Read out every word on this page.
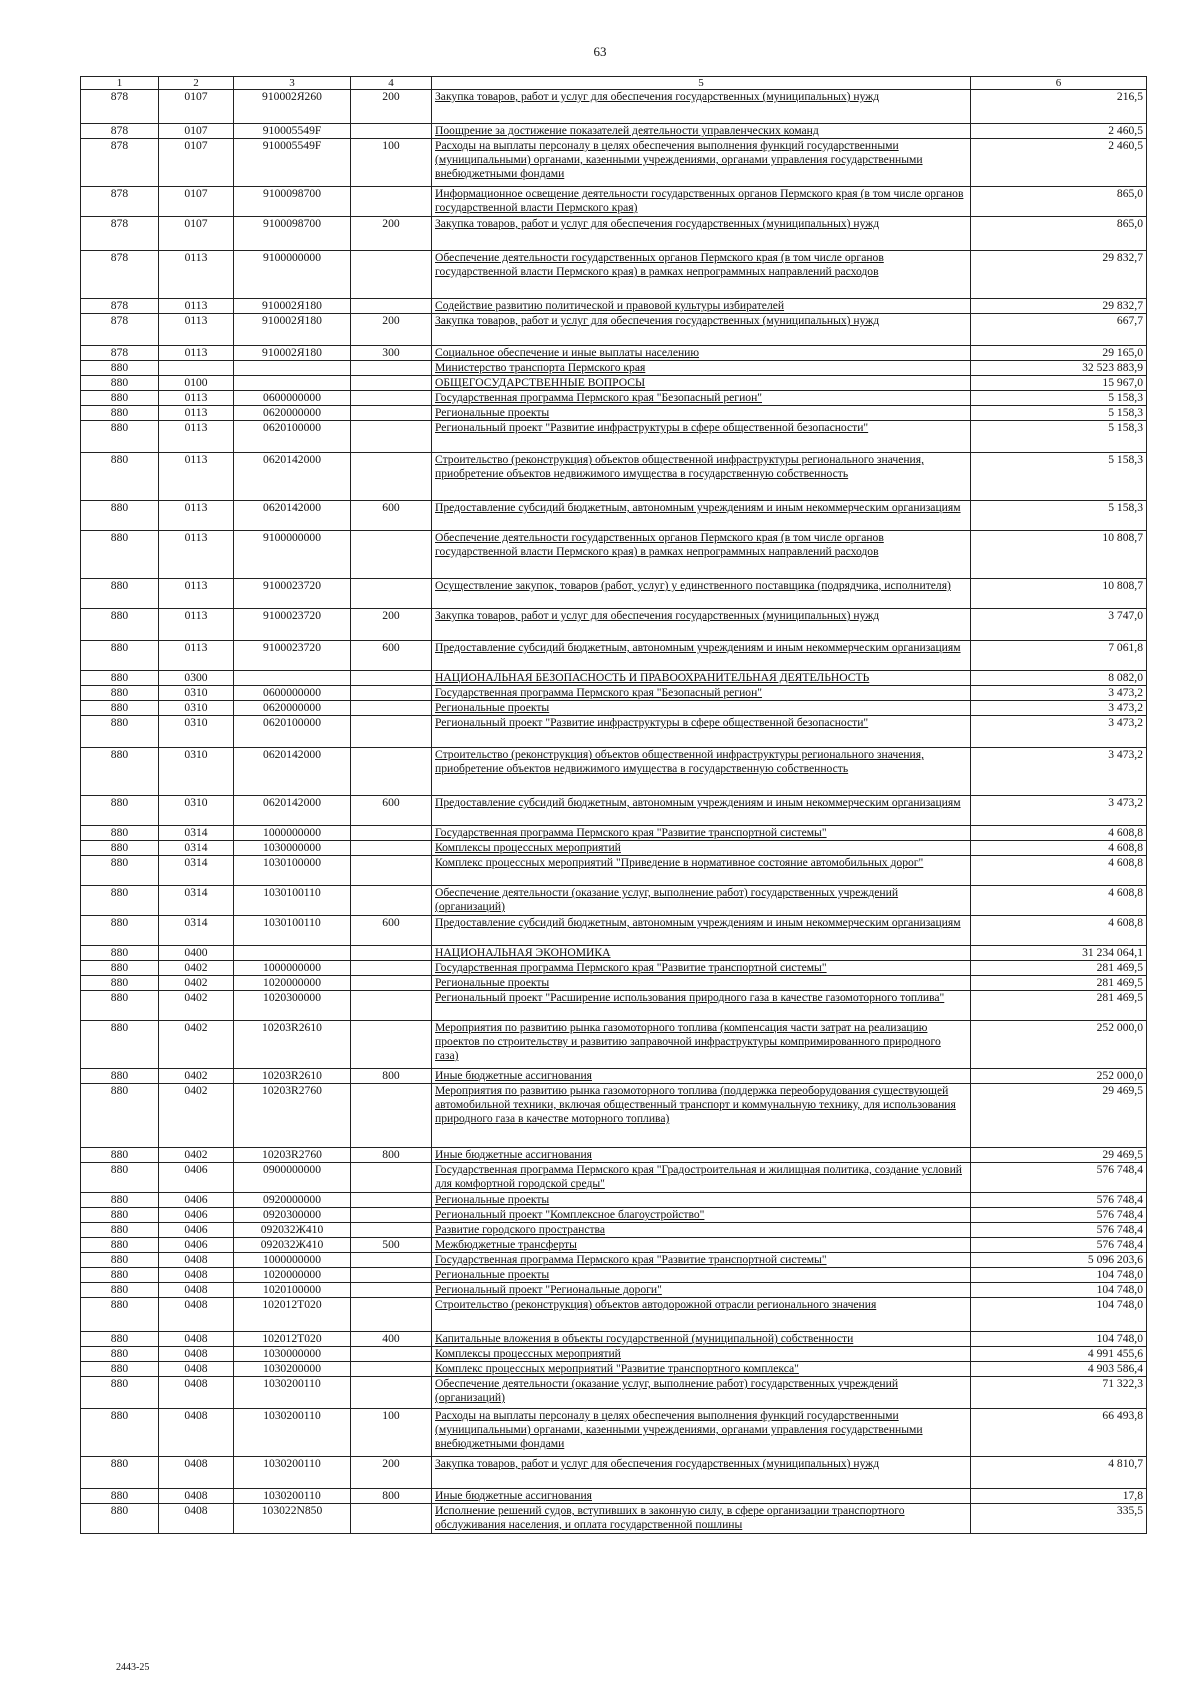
63
1	2	3	4	5	6
878	0107	910002Я260	200	Закупка товаров, работ и услуг для обеспечения государственных (муниципальных) нужд	216,5
878	0107	910005549F		Поощрение за достижение показателей деятельности управленческих команд	2 460,5
878	0107	910005549F	100	Расходы на выплаты персоналу в целях обеспечения выполнения функций государственными (муниципальными) органами, казенными учреждениями, органами управления государственными внебюджетными фондами	2 460,5
878	0107	9100098700		Информационное освещение деятельности государственных органов Пермского края (в том числе органов государственной власти Пермского края)	865,0
878	0107	9100098700	200	Закупка товаров, работ и услуг для обеспечения государственных (муниципальных) нужд	865,0
878	0113	9100000000		Обеспечение деятельности государственных органов Пермского края (в том числе органов государственной власти Пермского края) в рамках непрограммных направлений расходов	29 832,7
878	0113	910002Я180		Содействие развитию политической и правовой культуры избирателей	29 832,7
878	0113	910002Я180	200	Закупка товаров, работ и услуг для обеспечения государственных (муниципальных) нужд	667,7
878	0113	910002Я180	300	Социальное обеспечение и иные выплаты населению	29 165,0
880				Министерство транспорта Пермского края	32 523 883,9
880	0100			ОБЩЕГОСУДАРСТВЕННЫЕ ВОПРОСЫ	15 967,0
880	0113	0600000000		Государственная программа Пермского края "Безопасный регион"	5 158,3
880	0113	0620000000		Региональные проекты	5 158,3
880	0113	0620100000		Региональный проект "Развитие инфраструктуры в сфере общественной безопасности"	5 158,3
880	0113	0620142000		Строительство (реконструкция) объектов общественной инфраструктуры регионального значения, приобретение объектов недвижимого имущества в государственную собственность	5 158,3
880	0113	0620142000	600	Предоставление субсидий бюджетным, автономным учреждениям и иным некоммерческим организациям	5 158,3
880	0113	9100000000		Обеспечение деятельности государственных органов Пермского края (в том числе органов государственной власти Пермского края) в рамках непрограммных направлений расходов	10 808,7
880	0113	9100023720		Осуществление закупок, товаров (работ, услуг) у единственного поставщика (подрядчика, исполнителя)	10 808,7
880	0113	9100023720	200	Закупка товаров, работ и услуг для обеспечения государственных (муниципальных) нужд	3 747,0
880	0113	9100023720	600	Предоставление субсидий бюджетным, автономным учреждениям и иным некоммерческим организациям	7 061,8
880	0300			НАЦИОНАЛЬНАЯ БЕЗОПАСНОСТЬ И ПРАВООХРАНИТЕЛЬНАЯ ДЕЯТЕЛЬНОСТЬ	8 082,0
880	0310	0600000000		Государственная программа Пермского края "Безопасный регион"	3 473,2
880	0310	0620000000		Региональные проекты	3 473,2
880	0310	0620100000		Региональный проект "Развитие инфраструктуры в сфере общественной безопасности"	3 473,2
880	0310	0620142000		Строительство (реконструкция) объектов общественной инфраструктуры регионального значения, приобретение объектов недвижимого имущества в государственную собственность	3 473,2
880	0310	0620142000	600	Предоставление субсидий бюджетным, автономным учреждениям и иным некоммерческим организациям	3 473,2
880	0314	1000000000		Государственная программа Пермского края "Развитие транспортной системы"	4 608,8
880	0314	1030000000		Комплексы процессных мероприятий	4 608,8
880	0314	1030100000		Комплекс процессных мероприятий "Приведение в нормативное состояние автомобильных дорог"	4 608,8
880	0314	1030100110		Обеспечение деятельности (оказание услуг, выполнение работ) государственных учреждений (организаций)	4 608,8
880	0314	1030100110	600	Предоставление субсидий бюджетным, автономным учреждениям и иным некоммерческим организациям	4 608,8
880	0400			НАЦИОНАЛЬНАЯ ЭКОНОМИКА	31 234 064,1
880	0402	1000000000		Государственная программа Пермского края "Развитие транспортной системы"	281 469,5
880	0402	1020000000		Региональные проекты	281 469,5
880	0402	1020300000		Региональный проект "Расширение использования природного газа в качестве газомоторного топлива"	281 469,5
880	0402	10203R2610		Мероприятия по развитию рынка газомоторного топлива (компенсация части затрат на реализацию проектов по строительству и развитию заправочной инфраструктуры компримированного природного газа)	252 000,0
880	0402	10203R2610	800	Иные бюджетные ассигнования	252 000,0
880	0402	10203R2760		Мероприятия по развитию рынка газомоторного топлива (поддержка переоборудования существующей автомобильной техники, включая общественный транспорт и коммунальную технику, для использования природного газа в качестве моторного топлива)	29 469,5
880	0402	10203R2760	800	Иные бюджетные ассигнования	29 469,5
880	0406	0900000000		Государственная программа Пермского края "Градостроительная и жилищная политика, создание условий для комфортной городской среды"	576 748,4
880	0406	0920000000		Региональные проекты	576 748,4
880	0406	0920300000		Региональный проект "Комплексное благоустройство"	576 748,4
880	0406	092032Ж410		Развитие городского пространства	576 748,4
880	0406	092032Ж410	500	Межбюджетные трансферты	576 748,4
880	0408	1000000000		Государственная программа Пермского края "Развитие транспортной системы"	5 096 203,6
880	0408	1020000000		Региональные проекты	104 748,0
880	0408	1020100000		Региональный проект "Региональные дороги"	104 748,0
880	0408	102012T020		Строительство (реконструкция) объектов автодорожной отрасли регионального значения	104 748,0
880	0408	102012T020	400	Капитальные вложения в объекты государственной (муниципальной) собственности	104 748,0
880	0408	1030000000		Комплексы процессных мероприятий	4 991 455,6
880	0408	1030200000		Комплекс процессных мероприятий "Развитие транспортного комплекса"	4 903 586,4
880	0408	1030200110		Обеспечение деятельности (оказание услуг, выполнение работ) государственных учреждений (организаций)	71 322,3
880	0408	1030200110	100	Расходы на выплаты персоналу в целях обеспечения выполнения функций государственными (муниципальными) органами, казенными учреждениями, органами управления государственными внебюджетными фондами	66 493,8
880	0408	1030200110	200	Закупка товаров, работ и услуг для обеспечения государственных (муниципальных) нужд	4 810,7
880	0408	1030200110	800	Иные бюджетные ассигнования	17,8
880	0408	103022N850		Исполнение решений судов, вступивших в законную силу, в сфере организации транспортного обслуживания населения, и оплата государственной пошлины	335,5
2443-25
